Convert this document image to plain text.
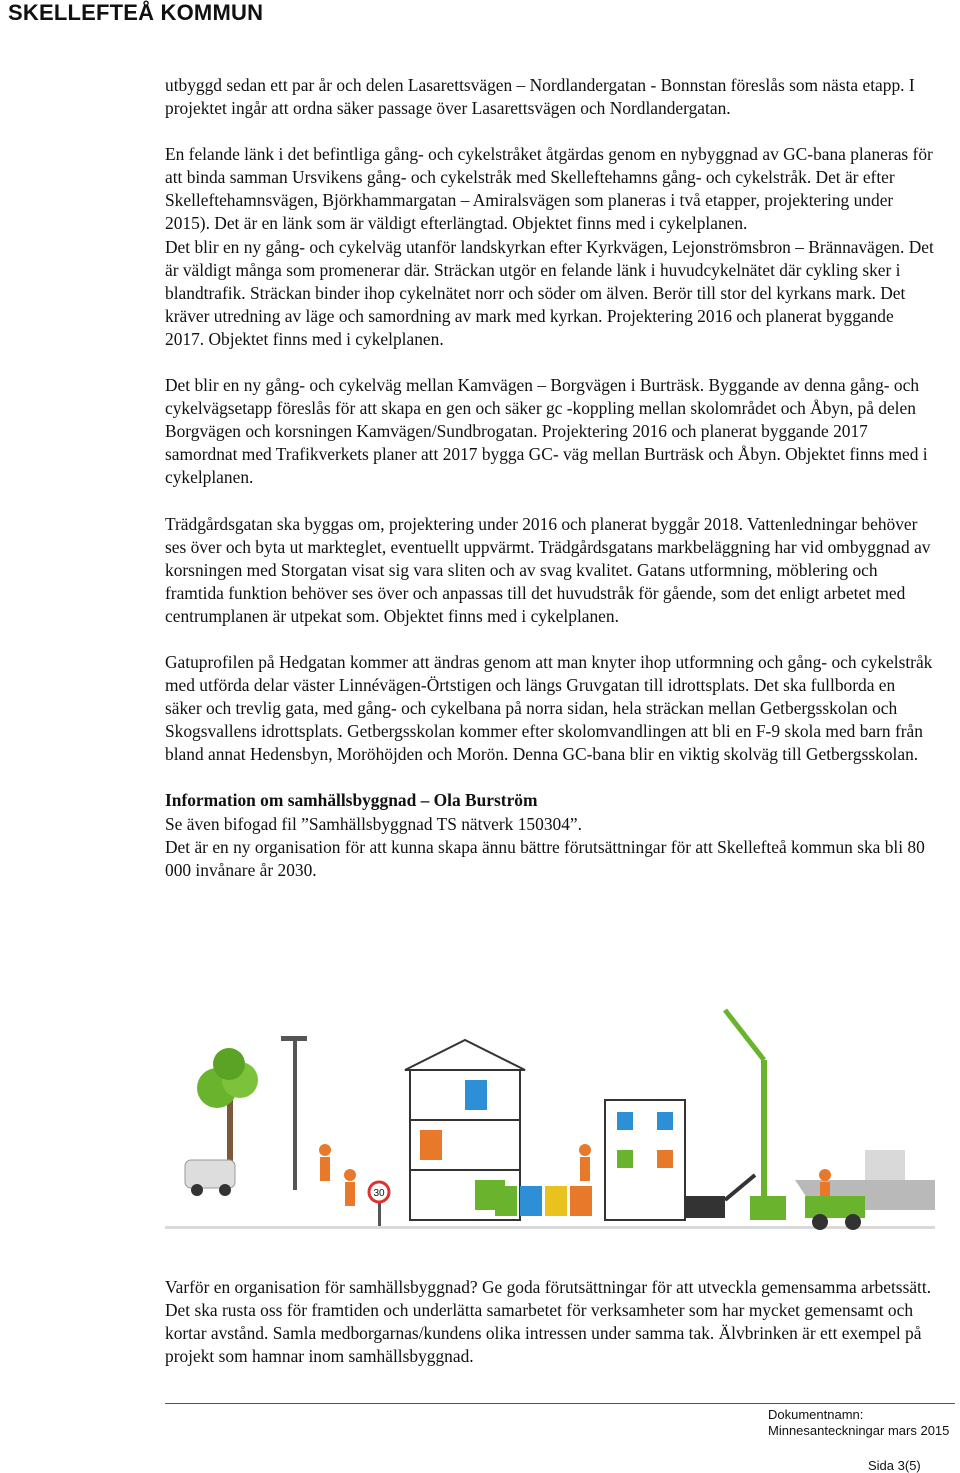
SKELLEFTEÅ KOMMUN

utbyggd sedan ett par år och delen Lasarettsvägen – Nordlandergatan - Bonnstan föreslås som nästa etapp. I projektet ingår att ordna säker passage över Lasarettsvägen och Nordlandergatan.

En felande länk i det befintliga gång- och cykelstråket åtgärdas genom en nybyggnad av GC-bana planeras för att binda samman Ursvikens gång- och cykelstråk med Skelleftehamns gång- och cykelstråk. Det är efter Skelleftehamnsvägen, Björkhammargatan – Amiralsvägen som planeras i två etapper, projektering under 2015). Det är en länk som är väldigt efterlängtad. Objektet finns med i cykelplanen.

Det blir en ny gång- och cykelväg utanför landskyrkan efter Kyrkvägen, Lejonströmsbron – Brännavägen. Det är väldigt många som promenerar där. Sträckan utgör en felande länk i huvudcykelnätet där cykling sker i blandtrafik. Sträckan binder ihop cykelnätet norr och söder om älven. Berör till stor del kyrkans mark. Det kräver utredning av läge och samordning av mark med kyrkan. Projektering 2016 och planerat byggande 2017. Objektet finns med i cykelplanen.

Det blir en ny gång- och cykelväg mellan Kamvägen – Borgvägen i Burträsk. Byggande av denna gång- och cykelvägsetapp föreslås för att skapa en gen och säker gc -koppling mellan skolområdet och Åbyn, på delen Borgvägen och korsningen Kamvägen/Sundbrogatan. Projektering 2016 och planerat byggande 2017 samordnat med Trafikverkets planer att 2017 bygga GC- väg mellan Burträsk och Åbyn. Objektet finns med i cykelplanen.

Trädgårdsgatan ska byggas om, projektering under 2016 och planerat byggår 2018. Vattenledningar behöver ses över och byta ut markteglet, eventuellt uppvärmt. Trädgårdsgatans markbeläggning har vid ombyggnad av korsningen med Storgatan visat sig vara sliten och av svag kvalitet. Gatans utformning, möblering och framtida funktion behöver ses över och anpassas till det huvudstråk för gående, som det enligt arbetet med centrumplanen är utpekat som. Objektet finns med i cykelplanen.

Gatuprofilen på Hedgatan kommer att ändras genom att man knyter ihop utformning och gång- och cykelstråk med utförda delar väster Linnévägen-Örtstigen och längs Gruvgatan till idrottsplats. Det ska fullborda en säker och trevlig gata, med gång- och cykelbana på norra sidan, hela sträckan mellan Getbergsskolan och Skogsvallens idrottsplats. Getbergsskolan kommer efter skolomvandlingen att bli en F-9 skola med barn från bland annat Hedensbyn, Moröhöjden och Morön. Denna GC-bana blir en viktig skolväg till Getbergsskolan.

Information om samhällsbyggnad – Ola Burström

Se även bifogad fil ”Samhällsbyggnad TS nätverk 150304”.

Det är en ny organisation för att kunna skapa ännu bättre förutsättningar för att Skellefteå kommun ska bli 80 000 invånare år 2030.

30

Varför en organisation för samhällsbyggnad? Ge goda förutsättningar för att utveckla gemensamma arbetssätt. Det ska rusta oss för framtiden och underlätta samarbetet för verksamheter som har mycket gemensamt och kortar avstånd. Samla medborgarnas/kundens olika intressen under samma tak. Älvbrinken är ett exempel på projekt som hamnar inom samhällsbyggnad.

Dokumentnamn:
Minnesanteckningar mars 2015
Sida 3(5)
